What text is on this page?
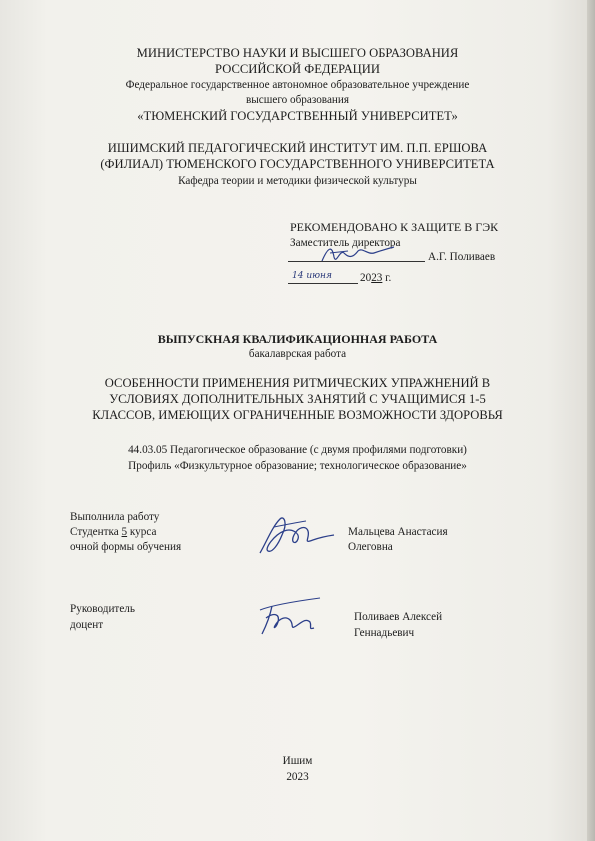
МИНИСТЕРСТВО НАУКИ И ВЫСШЕГО ОБРАЗОВАНИЯ
РОССИЙСКОЙ ФЕДЕРАЦИИ
Федеральное государственное автономное образовательное учреждение
высшего образования
«ТЮМЕНСКИЙ ГОСУДАРСТВЕННЫЙ УНИВЕРСИТЕТ»
ИШИМСКИЙ ПЕДАГОГИЧЕСКИЙ ИНСТИТУТ ИМ. П.П. ЕРШОВА
(ФИЛИАЛ) ТЮМЕНСКОГО ГОСУДАРСТВЕННОГО УНИВЕРСИТЕТА
Кафедра теории и методики физической культуры
РЕКОМЕНДОВАНО К ЗАЩИТЕ В ГЭК
Заместитель директора
А.Г. Поливаев
14 июня	2023 г.
ВЫПУСКНАЯ КВАЛИФИКАЦИОННАЯ РАБОТА
бакалаврская работа
ОСОБЕННОСТИ ПРИМЕНЕНИЯ РИТМИЧЕСКИХ УПРАЖНЕНИЙ В
УСЛОВИЯХ ДОПОЛНИТЕЛЬНЫХ ЗАНЯТИЙ С УЧАЩИМИСЯ 1-5
КЛАССОВ, ИМЕЮЩИХ ОГРАНИЧЕННЫЕ ВОЗМОЖНОСТИ ЗДОРОВЬЯ
44.03.05 Педагогическое образование (с двумя профилями подготовки)
Профиль «Физкультурное образование; технологическое образование»
Выполнила работу
Студентка 5 курса
очной формы обучения
Мальцева Анастасия
Олеговна
Руководитель
доцент
Поливаев Алексей
Геннадьевич
Ишим
2023
